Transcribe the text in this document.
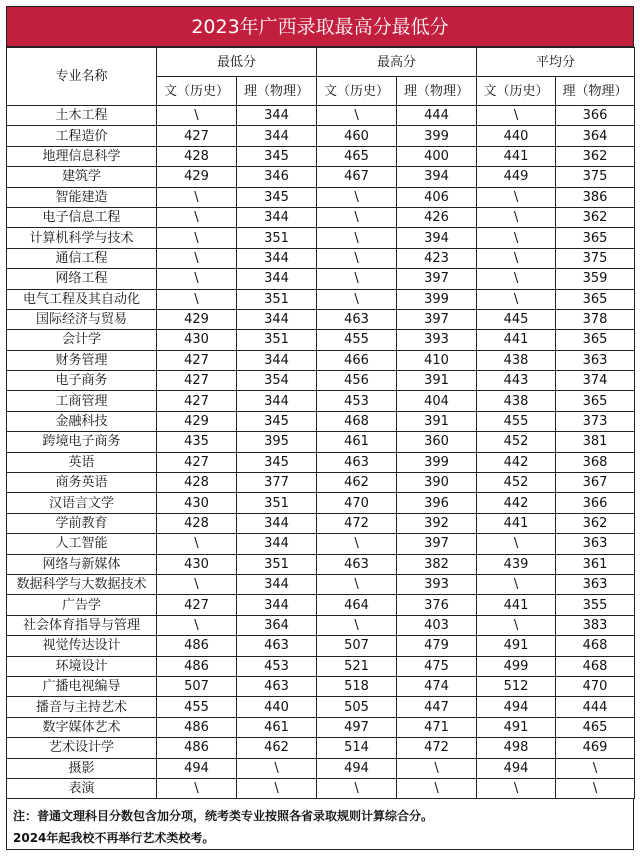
2023年广西录取最高分最低分
专业名称	最低分		最高分		平均分	
	文（历史）	理（物理）	文（历史）	理（物理）	文（历史）	理（物理）
土木工程	\	344	\	444	\	366
工程造价	427	344	460	399	440	364
地理信息科学	428	345	465	400	441	362
建筑学	429	346	467	394	449	375
智能建造	\	345	\	406	\	386
电子信息工程	\	344	\	426	\	362
计算机科学与技术	\	351	\	394	\	365
通信工程	\	344	\	423	\	375
网络工程	\	344	\	397	\	359
电气工程及其自动化	\	351	\	399	\	365
国际经济与贸易	429	344	463	397	445	378
会计学	430	351	455	393	441	365
财务管理	427	344	466	410	438	363
电子商务	427	354	456	391	443	374
工商管理	427	344	453	404	438	365
金融科技	429	345	468	391	455	373
跨境电子商务	435	395	461	360	452	381
英语	427	345	463	399	442	368
商务英语	428	377	462	390	452	367
汉语言文学	430	351	470	396	442	366
学前教育	428	344	472	392	441	362
人工智能	\	344	\	397	\	363
网络与新媒体	430	351	463	382	439	361
数据科学与大数据技术	\	344	\	393	\	363
广告学	427	344	464	376	441	355
社会体育指导与管理	\	364	\	403	\	383
视觉传达设计	486	463	507	479	491	468
环境设计	486	453	521	475	499	468
广播电视编导	507	463	518	474	512	470
播音与主持艺术	455	440	505	447	494	444
数字媒体艺术	486	461	497	471	491	465
艺术设计学	486	462	514	472	498	469
摄影	494	\	494	\	494	\
表演	\	\	\	\	\	\
注：普通文理科目分数包含加分项，统考类专业按照各省录取规则计算综合分。
2024年起我校不再举行艺术类校考。
